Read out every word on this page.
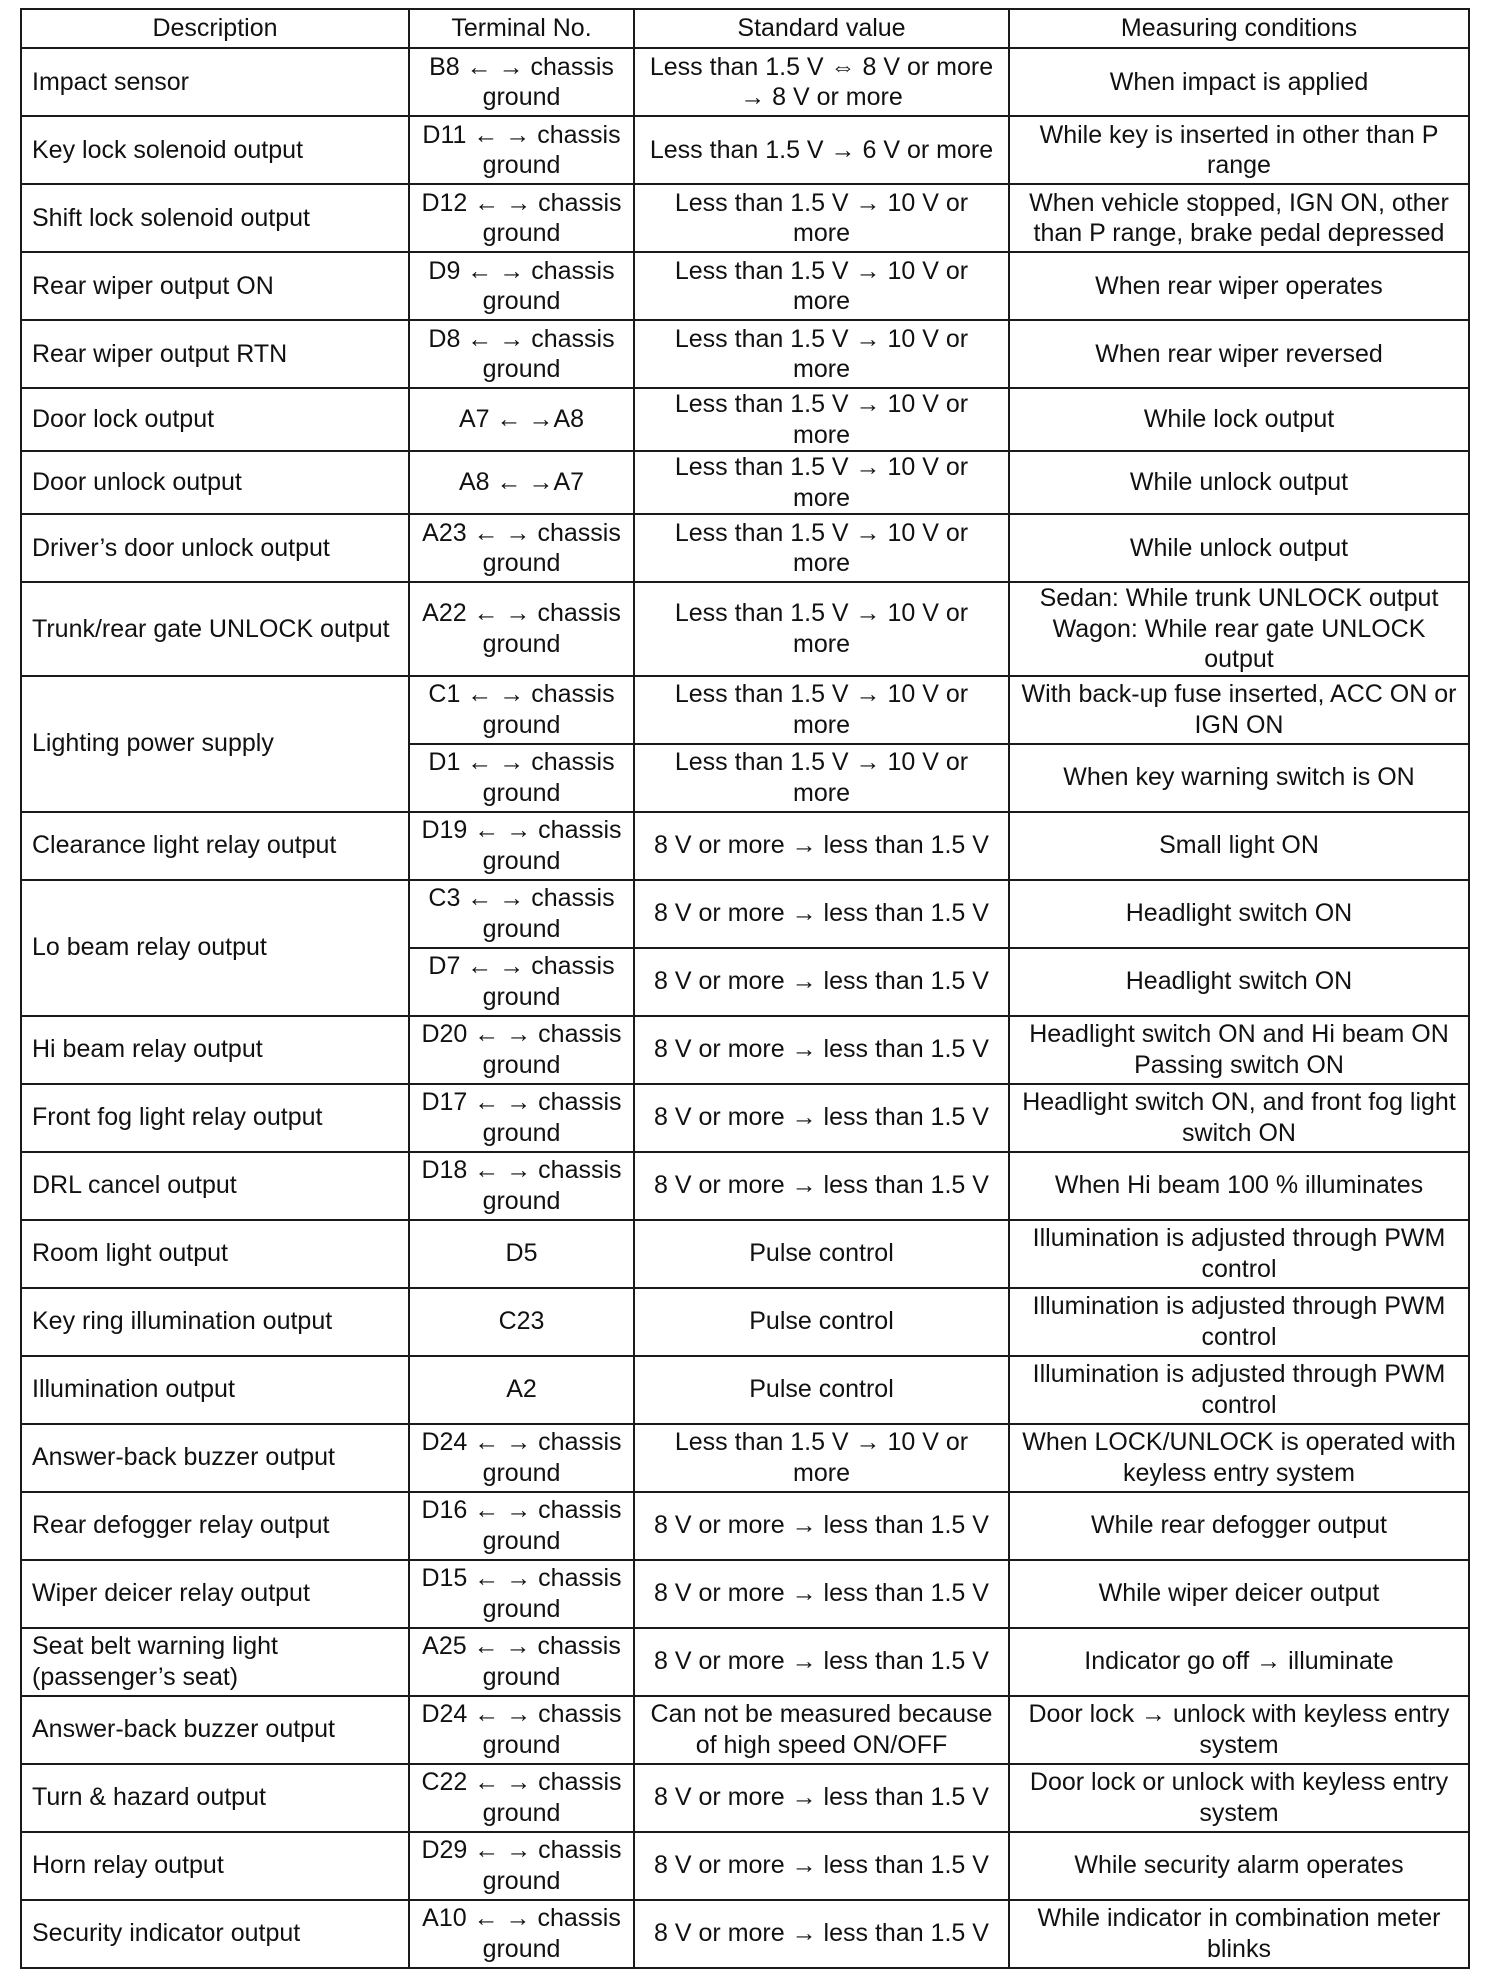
Description	Terminal No.	Standard value	Measuring conditions
Impact sensor	B8 ← → chassis ground	Less than 1.5 V ⇔ 8 V or more → 8 V or more	When impact is applied
Key lock solenoid output	D11 ← → chassis ground	Less than 1.5 V → 6 V or more	While key is inserted in other than P range
Shift lock solenoid output	D12 ← → chassis ground	Less than 1.5 V → 10 V or more	When vehicle stopped, IGN ON, other than P range, brake pedal depressed
Rear wiper output ON	D9 ← → chassis ground	Less than 1.5 V → 10 V or more	When rear wiper operates
Rear wiper output RTN	D8 ← → chassis ground	Less than 1.5 V → 10 V or more	When rear wiper reversed
Door lock output	A7 ← →A8	Less than 1.5 V → 10 V or more	While lock output
Door unlock output	A8 ← →A7	Less than 1.5 V → 10 V or more	While unlock output
Driver’s door unlock output	A23 ← → chassis ground	Less than 1.5 V → 10 V or more	While unlock output
Trunk/rear gate UNLOCK output	A22 ← → chassis ground	Less than 1.5 V → 10 V or more	Sedan: While trunk UNLOCK output Wagon: While rear gate UNLOCK output
Lighting power supply	C1 ← → chassis ground	Less than 1.5 V → 10 V or more	With back-up fuse inserted, ACC ON or IGN ON
	D1 ← → chassis ground	Less than 1.5 V → 10 V or more	When key warning switch is ON
Clearance light relay output	D19 ← → chassis ground	8 V or more → less than 1.5 V	Small light ON
Lo beam relay output	C3 ← → chassis ground	8 V or more → less than 1.5 V	Headlight switch ON
	D7 ← → chassis ground	8 V or more → less than 1.5 V	Headlight switch ON
Hi beam relay output	D20 ← → chassis ground	8 V or more → less than 1.5 V	Headlight switch ON and Hi beam ON Passing switch ON
Front fog light relay output	D17 ← → chassis ground	8 V or more → less than 1.5 V	Headlight switch ON, and front fog light switch ON
DRL cancel output	D18 ← → chassis ground	8 V or more → less than 1.5 V	When Hi beam 100 % illuminates
Room light output	D5	Pulse control	Illumination is adjusted through PWM control
Key ring illumination output	C23	Pulse control	Illumination is adjusted through PWM control
Illumination output	A2	Pulse control	Illumination is adjusted through PWM control
Answer-back buzzer output	D24 ← → chassis ground	Less than 1.5 V → 10 V or more	When LOCK/UNLOCK is operated with keyless entry system
Rear defogger relay output	D16 ← → chassis ground	8 V or more → less than 1.5 V	While rear defogger output
Wiper deicer relay output	D15 ← → chassis ground	8 V or more → less than 1.5 V	While wiper deicer output
Seat belt warning light (passenger’s seat)	A25 ← → chassis ground	8 V or more → less than 1.5 V	Indicator go off → illuminate
Answer-back buzzer output	D24 ← → chassis ground	Can not be measured because of high speed ON/OFF	Door lock → unlock with keyless entry system
Turn & hazard output	C22 ← → chassis ground	8 V or more → less than 1.5 V	Door lock or unlock with keyless entry system
Horn relay output	D29 ← → chassis ground	8 V or more → less than 1.5 V	While security alarm operates
Security indicator output	A10 ← → chassis ground	8 V or more → less than 1.5 V	While indicator in combination meter blinks
